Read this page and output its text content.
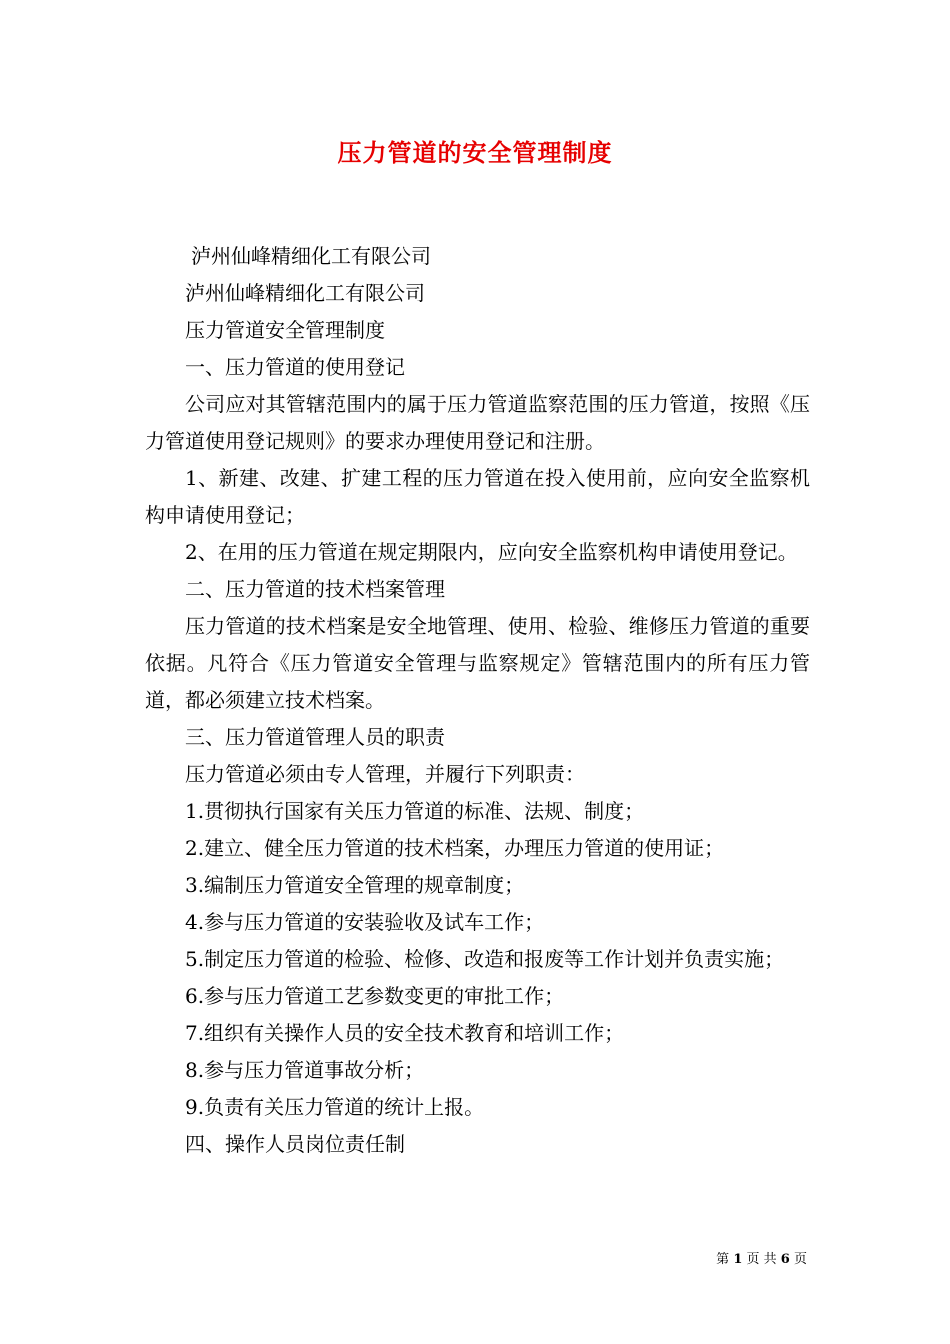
压力管道的安全管理制度

泸州仙峰精细化工有限公司

泸州仙峰精细化工有限公司

压力管道安全管理制度

一、压力管道的使用登记

公司应对其管辖范围内的属于压力管道监察范围的压力管道，按照《压力管道使用登记规则》的要求办理使用登记和注册。

1、新建、改建、扩建工程的压力管道在投入使用前，应向安全监察机构申请使用登记；

2、在用的压力管道在规定期限内，应向安全监察机构申请使用登记。

二、压力管道的技术档案管理

压力管道的技术档案是安全地管理、使用、检验、维修压力管道的重要依据。凡符合《压力管道安全管理与监察规定》管辖范围内的所有压力管道，都必须建立技术档案。

三、压力管道管理人员的职责

压力管道必须由专人管理，并履行下列职责：

1.贯彻执行国家有关压力管道的标准、法规、制度；

2.建立、健全压力管道的技术档案，办理压力管道的使用证；

3.编制压力管道安全管理的规章制度；

4.参与压力管道的安装验收及试车工作；

5.制定压力管道的检验、检修、改造和报废等工作计划并负责实施；

6.参与压力管道工艺参数变更的审批工作；

7.组织有关操作人员的安全技术教育和培训工作；

8.参与压力管道事故分析；

9.负责有关压力管道的统计上报。

四、操作人员岗位责任制

第 1 页 共 6 页
